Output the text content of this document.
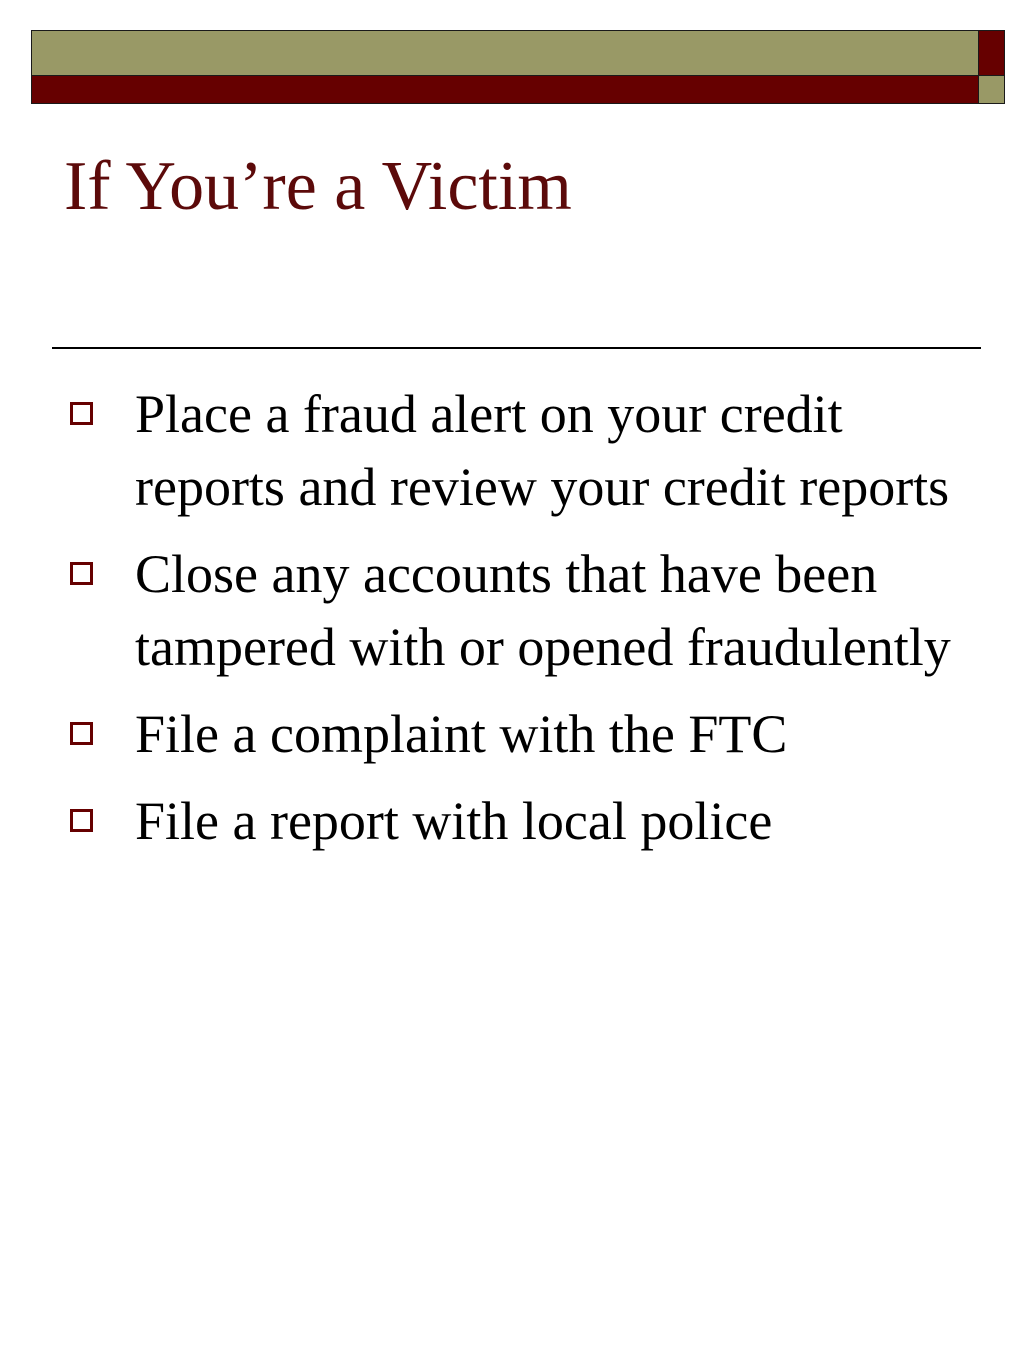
If You’re a Victim
Place a fraud alert on your credit reports and review your credit reports
Close any accounts that have been tampered with or opened fraudulently
File a complaint with the FTC
File a report with local police
